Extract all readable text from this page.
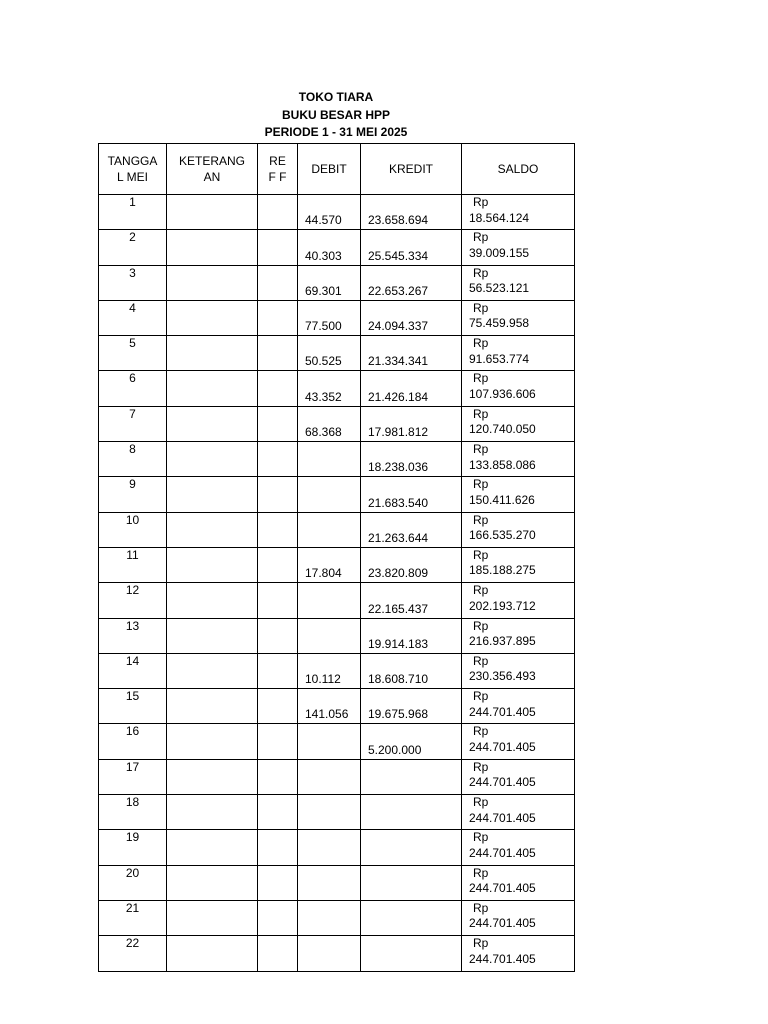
TOKO TIARA
BUKU BESAR HPP
PERIODE 1 - 31 MEI 2025
TANGGAL MEI	KETERANGAN	REF F	DEBIT	KREDIT	SALDO
1			44.570	23.658.694	Rp
18.564.124

2			40.303	25.545.334	Rp
39.009.155

3			69.301	22.653.267	Rp
56.523.121

4			77.500	24.094.337	Rp
75.459.958

5			50.525	21.334.341	Rp
91.653.774

6			43.352	21.426.184	Rp
107.936.606

7			68.368	17.981.812	Rp
120.740.050

8				18.238.036	Rp
133.858.086

9				21.683.540	Rp
150.411.626

10				21.263.644	Rp
166.535.270

11			17.804	23.820.809	Rp
185.188.275

12				22.165.437	Rp
202.193.712

13				19.914.183	Rp
216.937.895

14			10.112	18.608.710	Rp
230.356.493

15			141.056	19.675.968	Rp
244.701.405

16				5.200.000	Rp
244.701.405

17					Rp
244.701.405

18					Rp
244.701.405

19					Rp
244.701.405

20					Rp
244.701.405

21					Rp
244.701.405

22					Rp
244.701.405
